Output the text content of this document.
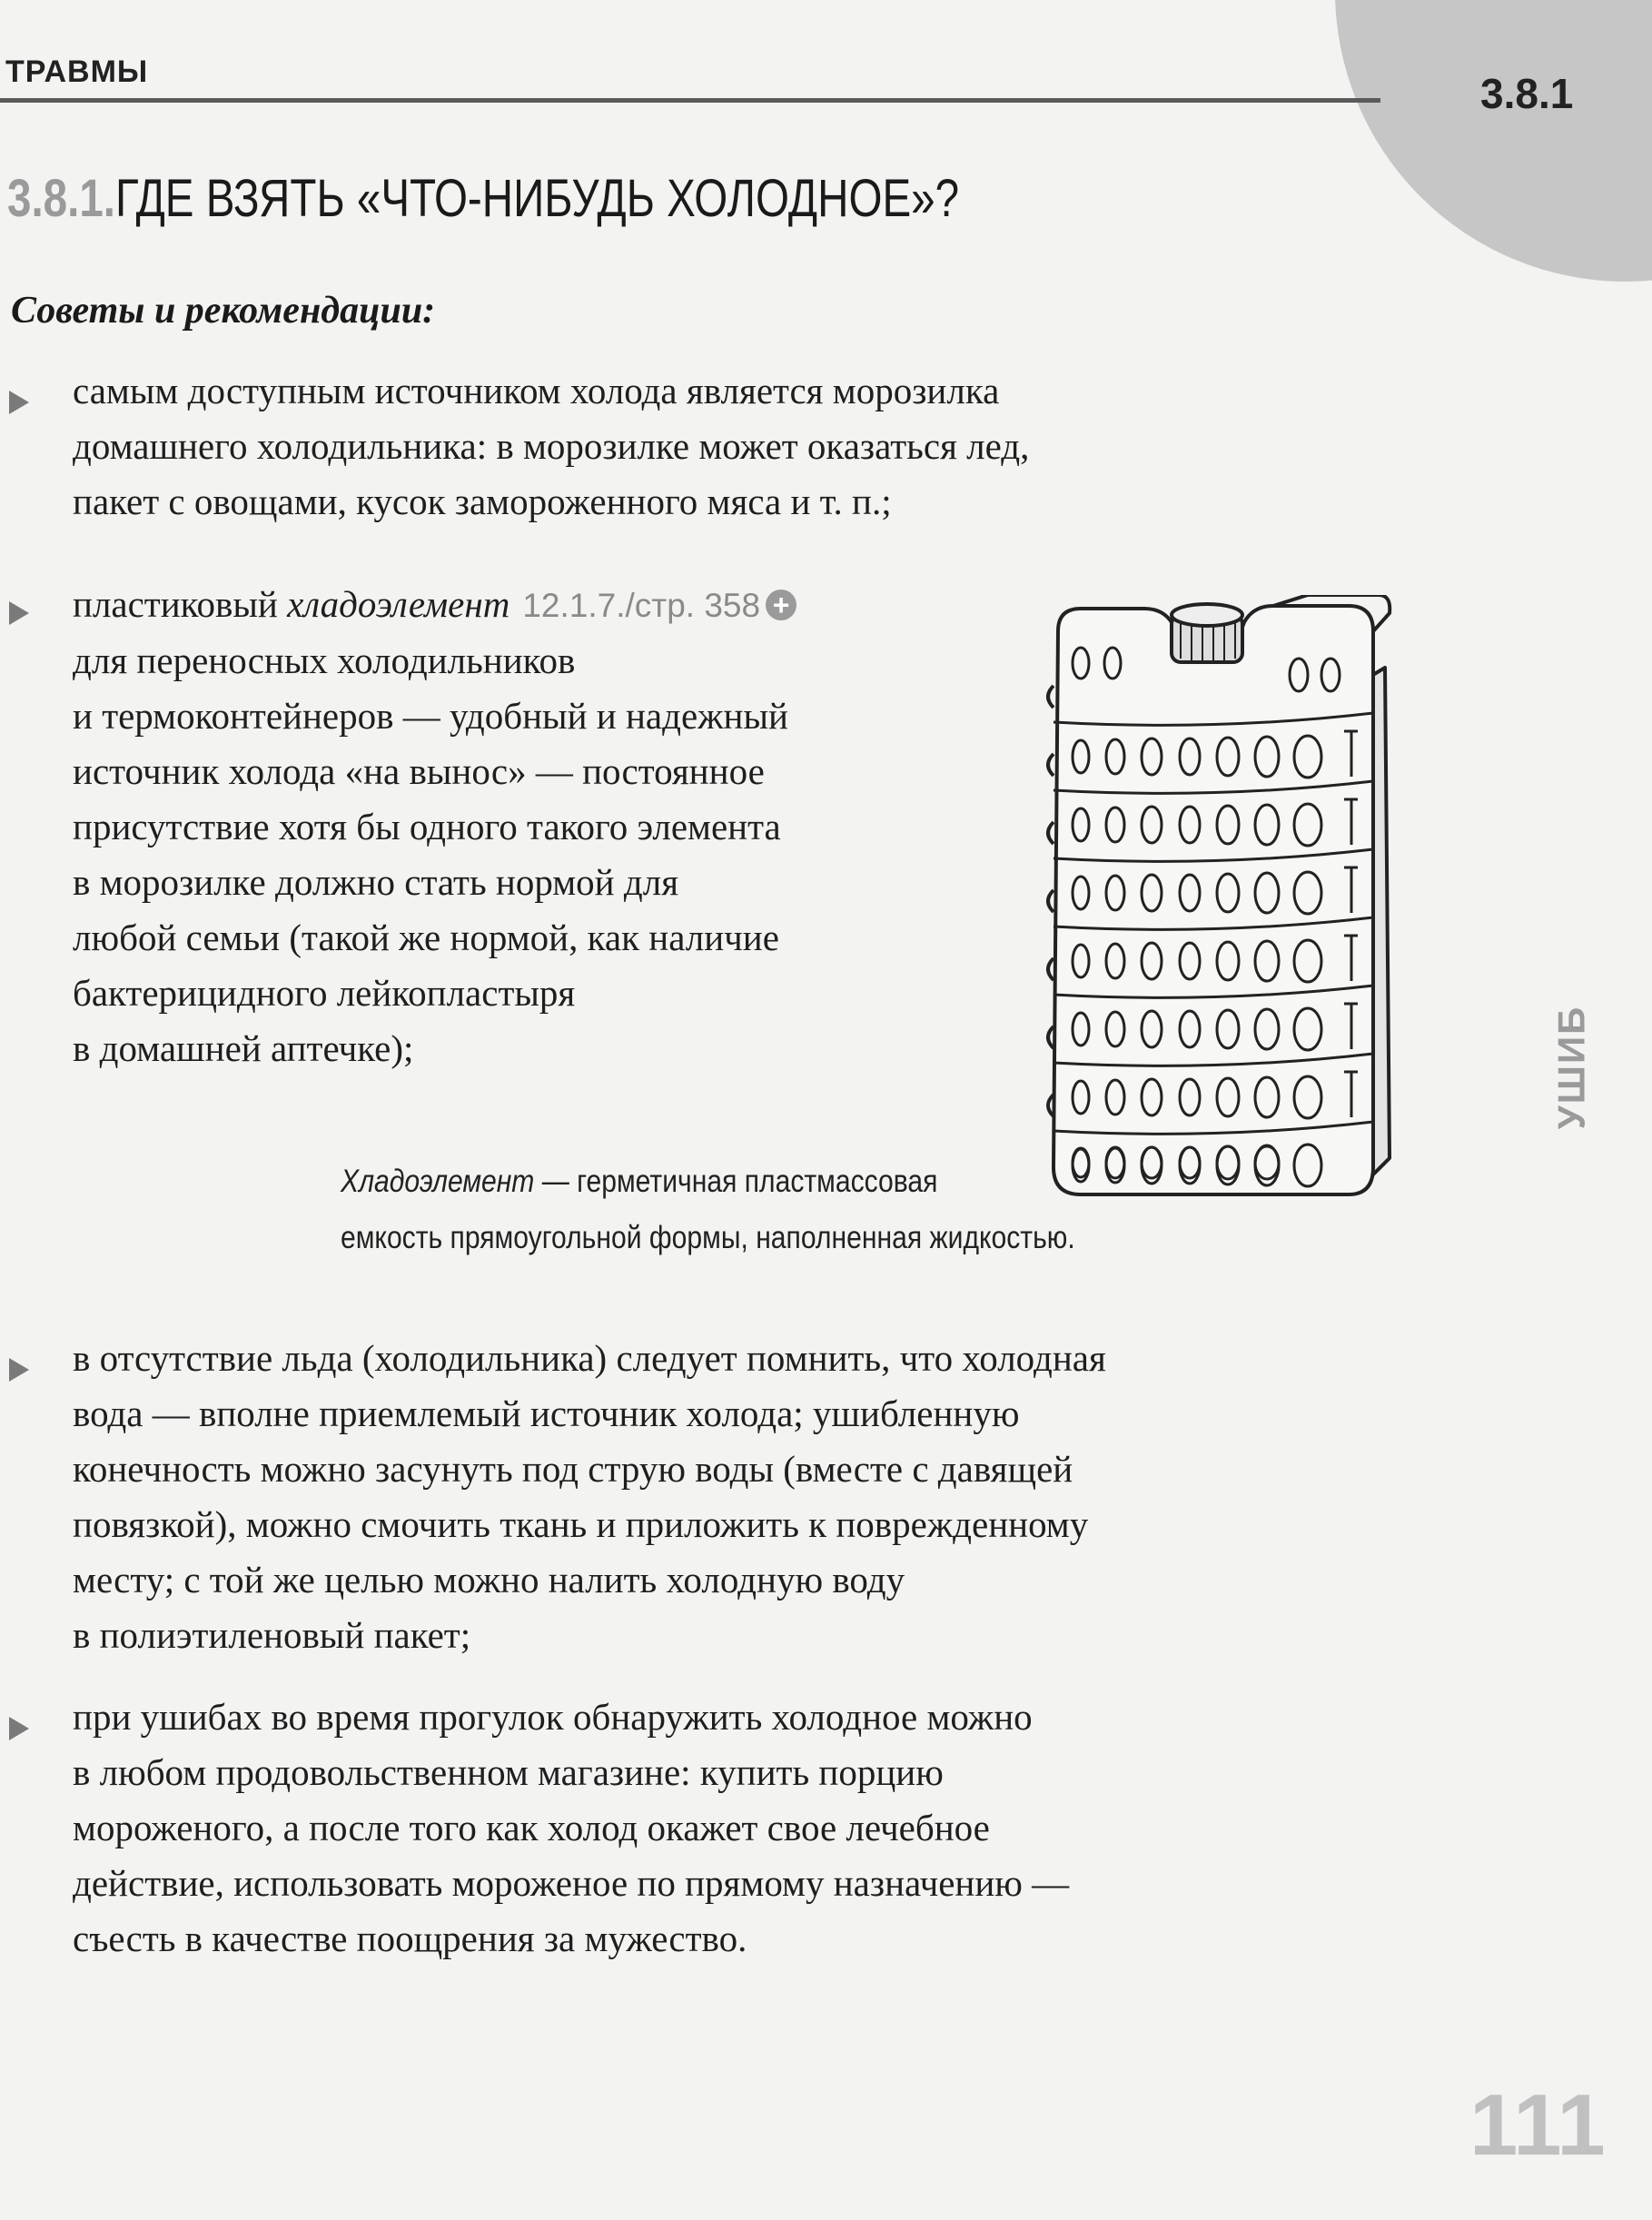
3.8.1
ТРАВМЫ
3.8.1.ГДЕ ВЗЯТЬ «ЧТО-НИБУДЬ ХОЛОДНОЕ»?
Советы и рекомендации:
самым доступным источником холода является морозилка
домашнего холодильника: в морозилке может оказаться лед,
пакет с овощами, кусок замороженного мяса и т. п.;
пластиковый хладоэлемент 12.1.7./стр. 358 +
для переносных холодильников
и термоконтейнеров — удобный и надежный
источник холода «на вынос» — постоянное
присутствие хотя бы одного такого элемента
в морозилке должно стать нормой для
любой семьи (такой же нормой, как наличие
бактерицидного лейкопластыря
в домашней аптечке);
Хладоэлемент — герметичная пластмассовая
емкость прямоугольной формы, наполненная жидкостью.
в отсутствие льда (холодильника) следует помнить, что холодная
вода — вполне приемлемый источник холода; ушибленную
конечность можно засунуть под струю воды (вместе с давящей
повязкой), можно смочить ткань и приложить к поврежденному
месту; с той же целью можно налить холодную воду
в полиэтиленовый пакет;
при ушибах во время прогулок обнаружить холодное можно
в любом продовольственном магазине: купить порцию
мороженого, а после того как холод окажет свое лечебное
действие, использовать мороженое по прямому назначению —
съесть в качестве поощрения за мужество.
УШИБ
111
